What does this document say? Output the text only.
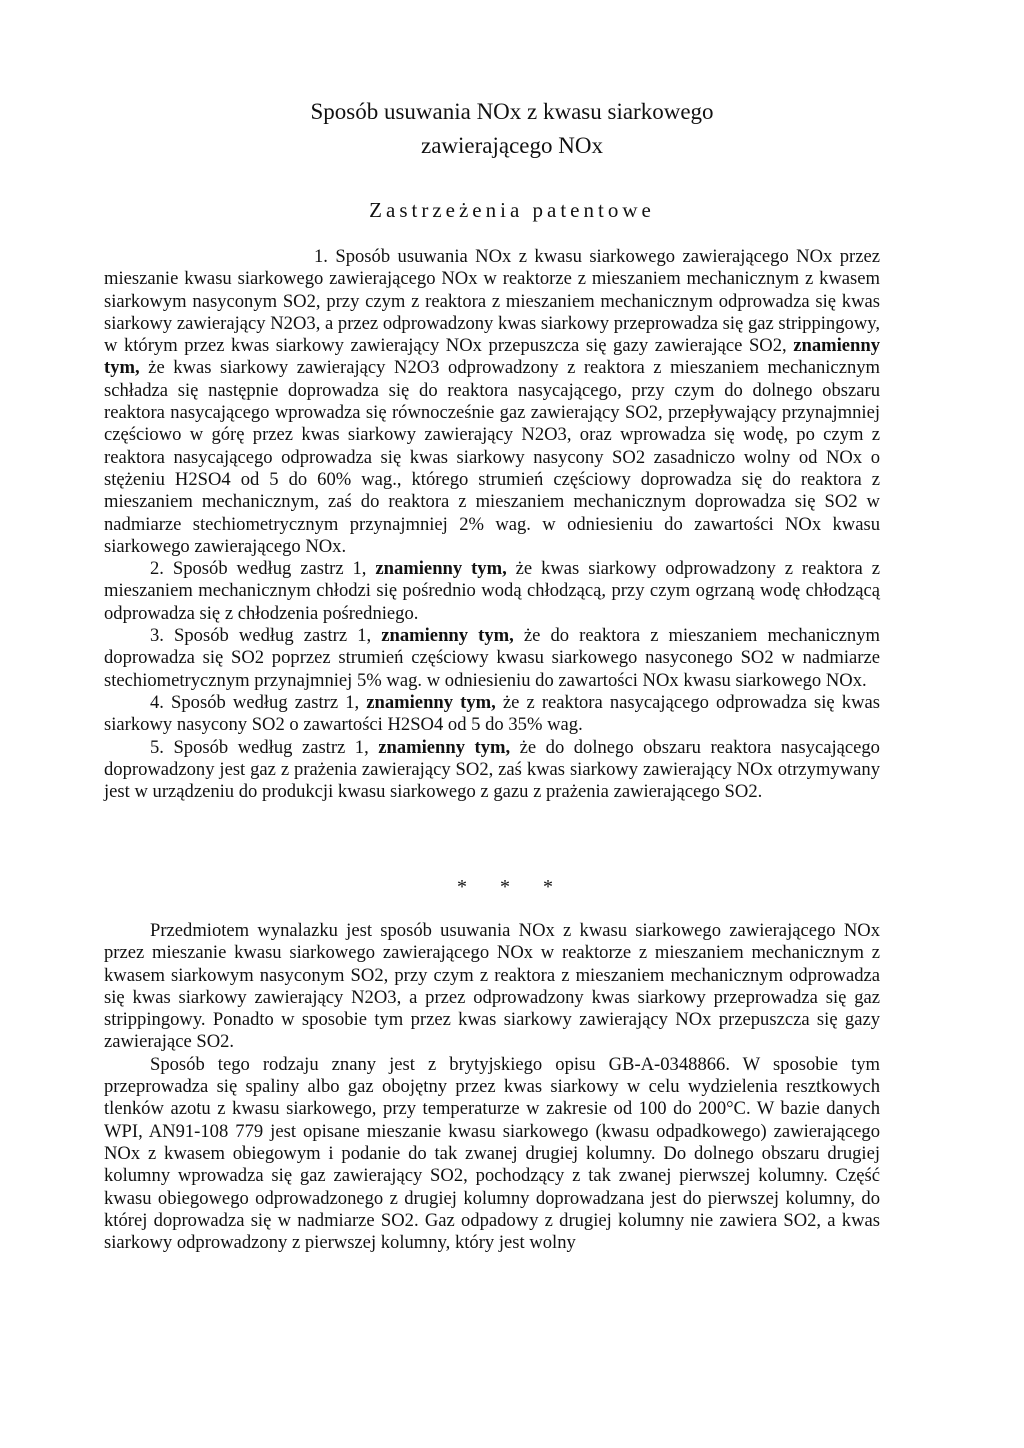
Sposób usuwania NOx z kwasu siarkowego
zawierającego NOx
Zastrzeżenia patentowe

1. Sposób usuwania NOx z kwasu siarkowego zawierającego NOx przez mieszanie kwasu siarkowego zawierającego NOx w reaktorze z mieszaniem mechanicznym z kwasem siarkowym nasyconym SO2, przy czym z reaktora z mieszaniem mechanicznym odprowadza się kwas siarkowy zawierający N2O3, a przez odprowadzony kwas siarkowy przeprowadza się gaz strippingowy, w którym przez kwas siarkowy zawierający NOx przepuszcza się gazy zawierające SO2, znamienny tym, że kwas siarkowy zawierający N2O3 odprowadzony z reaktora z mieszaniem mechanicznym schładza się następnie doprowadza się do reaktora nasycającego, przy czym do dolnego obszaru reaktora nasycającego wprowadza się równocześnie gaz zawierający SO2, przepływający przynajmniej częściowo w górę przez kwas siarkowy zawierający N2O3, oraz wprowadza się wodę, po czym z reaktora nasycającego odprowadza się kwas siarkowy nasycony SO2 zasadniczo wolny od NOx o stężeniu H2SO4 od 5 do 60% wag., którego strumień częściowy doprowadza się do reaktora z mieszaniem mechanicznym, zaś do reaktora z mieszaniem mechanicznym doprowadza się SO2 w nadmiarze stechiometrycznym przynajmniej 2% wag. w odniesieniu do zawartości NOx kwasu siarkowego zawierającego NOx.

2. Sposób według zastrz 1, znamienny tym, że kwas siarkowy odprowadzony z reaktora z mieszaniem mechanicznym chłodzi się pośrednio wodą chłodzącą, przy czym ogrzaną wodę chłodzącą odprowadza się z chłodzenia pośredniego.

3. Sposób według zastrz 1, znamienny tym, że do reaktora z mieszaniem mechanicznym doprowadza się SO2 poprzez strumień częściowy kwasu siarkowego nasyconego SO2 w nadmiarze stechiometrycznym przynajmniej 5% wag. w odniesieniu do zawartości NOx kwasu siarkowego NOx.

4. Sposób według zastrz 1, znamienny tym, że z reaktora nasycającego odprowadza się kwas siarkowy nasycony SO2 o zawartości H2SO4 od 5 do 35% wag.

5. Sposób według zastrz 1, znamienny tym, że do dolnego obszaru reaktora nasycającego doprowadzony jest gaz z prażenia zawierający SO2, zaś kwas siarkowy zawierający NOx otrzymywany jest w urządzeniu do produkcji kwasu siarkowego z gazu z prażenia zawierającego SO2.

* * *

Przedmiotem wynalazku jest sposób usuwania NOx z kwasu siarkowego zawierającego NOx przez mieszanie kwasu siarkowego zawierającego NOx w reaktorze z mieszaniem mechanicznym z kwasem siarkowym nasyconym SO2, przy czym z reaktora z mieszaniem mechanicznym odprowadza się kwas siarkowy zawierający N2O3, a przez odprowadzony kwas siarkowy przeprowadza się gaz strippingowy. Ponadto w sposobie tym przez kwas siarkowy zawierający NOx przepuszcza się gazy zawierające SO2.

Sposób tego rodzaju znany jest z brytyjskiego opisu GB-A-0348866. W sposobie tym przeprowadza się spaliny albo gaz obojętny przez kwas siarkowy w celu wydzielenia resztkowych tlenków azotu z kwasu siarkowego, przy temperaturze w zakresie od 100 do 200°C. W bazie danych WPI, AN91-108 779 jest opisane mieszanie kwasu siarkowego (kwasu odpadkowego) zawierającego NOx z kwasem obiegowym i podanie do tak zwanej drugiej kolumny. Do dolnego obszaru drugiej kolumny wprowadza się gaz zawierający SO2, pochodzący z tak zwanej pierwszej kolumny. Część kwasu obiegowego odprowadzonego z drugiej kolumny doprowadzana jest do pierwszej kolumny, do której doprowadza się w nadmiarze SO2. Gaz odpadowy z drugiej kolumny nie zawiera SO2, a kwas siarkowy odprowadzony z pierwszej kolumny, który jest wolny
